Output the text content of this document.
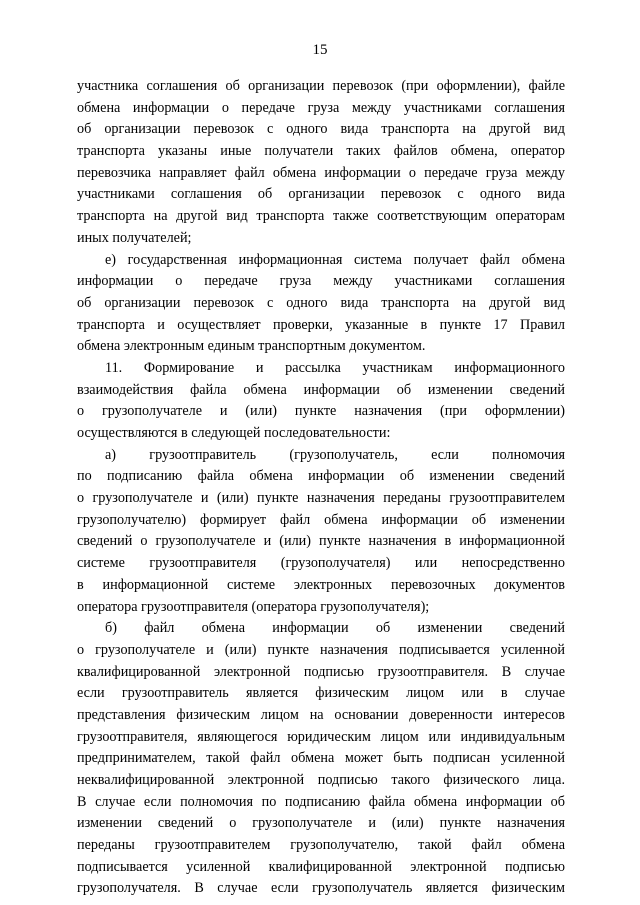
15
участника соглашения об организации перевозок (при оформлении), файле
обмена информации о передаче груза между участниками соглашения
об организации перевозок с одного вида транспорта на другой вид
транспорта указаны иные получатели таких файлов обмена, оператор
перевозчика направляет файл обмена информации о передаче груза между
участниками соглашения об организации перевозок с одного вида
транспорта на другой вид транспорта также соответствующим операторам
иных получателей;
е) государственная информационная система получает файл обмена
информации о передаче груза между участниками соглашения
об организации перевозок с одного вида транспорта на другой вид
транспорта и осуществляет проверки, указанные в пункте 17 Правил
обмена электронным единым транспортным документом.
11. Формирование и рассылка участникам информационного
взаимодействия файла обмена информации об изменении сведений
о грузополучателе и (или) пункте назначения (при оформлении)
осуществляются в следующей последовательности:
а) грузоотправитель (грузополучатель, если полномочия
по подписанию файла обмена информации об изменении сведений
о грузополучателе и (или) пункте назначения переданы грузоотправителем
грузополучателю) формирует файл обмена информации об изменении
сведений о грузополучателе и (или) пункте назначения в информационной
системе грузоотправителя (грузополучателя) или непосредственно
в информационной системе электронных перевозочных документов
оператора грузоотправителя (оператора грузополучателя);
б) файл обмена информации об изменении сведений
о грузополучателе и (или) пункте назначения подписывается усиленной
квалифицированной электронной подписью грузоотправителя. В случае
если грузоотправитель является физическим лицом или в случае
представления физическим лицом на основании доверенности интересов
грузоотправителя, являющегося юридическим лицом или индивидуальным
предпринимателем, такой файл обмена может быть подписан усиленной
неквалифицированной электронной подписью такого физического лица.
В случае если полномочия по подписанию файла обмена информации об
изменении сведений о грузополучателе и (или) пункте назначения
переданы грузоотправителем грузополучателю, такой файл обмена
подписывается усиленной квалифицированной электронной подписью
грузополучателя. В случае если грузополучатель является физическим
